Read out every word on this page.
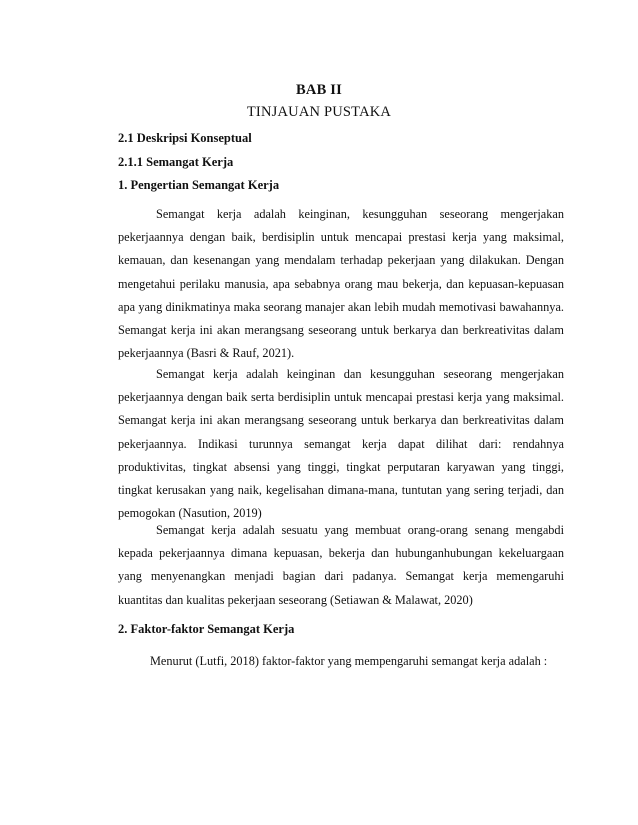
BAB II
TINJAUAN PUSTAKA
2.1 Deskripsi Konseptual
2.1.1 Semangat Kerja
1. Pengertian Semangat Kerja

Semangat kerja adalah keinginan, kesungguhan seseorang mengerjakan pekerjaannya dengan baik, berdisiplin untuk mencapai prestasi kerja yang maksimal, kemauan, dan kesenangan yang mendalam terhadap pekerjaan yang dilakukan. Dengan mengetahui perilaku manusia, apa sebabnya orang mau bekerja, dan kepuasan-kepuasan apa yang dinikmatinya maka seorang manajer akan lebih mudah memotivasi bawahannya. Semangat kerja ini akan merangsang seseorang untuk berkarya dan berkreativitas dalam pekerjaannya (Basri & Rauf, 2021).

Semangat kerja adalah keinginan dan kesungguhan seseorang mengerjakan pekerjaannya dengan baik serta berdisiplin untuk mencapai prestasi kerja yang maksimal. Semangat kerja ini akan merangsang seseorang untuk berkarya dan berkreativitas dalam pekerjaannya. Indikasi turunnya semangat kerja dapat dilihat dari: rendahnya produktivitas, tingkat absensi yang tinggi, tingkat perputaran karyawan yang tinggi, tingkat kerusakan yang naik, kegelisahan dimana-mana, tuntutan yang sering terjadi, dan pemogokan (Nasution, 2019)

Semangat kerja adalah sesuatu yang membuat orang-orang senang mengabdi kepada pekerjaannya dimana kepuasan, bekerja dan hubunganhubungan kekeluargaan yang menyenangkan menjadi bagian dari padanya. Semangat kerja memengaruhi kuantitas dan kualitas pekerjaan seseorang (Setiawan & Malawat, 2020)

2. Faktor-faktor Semangat Kerja
Menurut (Lutfi, 2018) faktor-faktor yang mempengaruhi semangat kerja adalah :
